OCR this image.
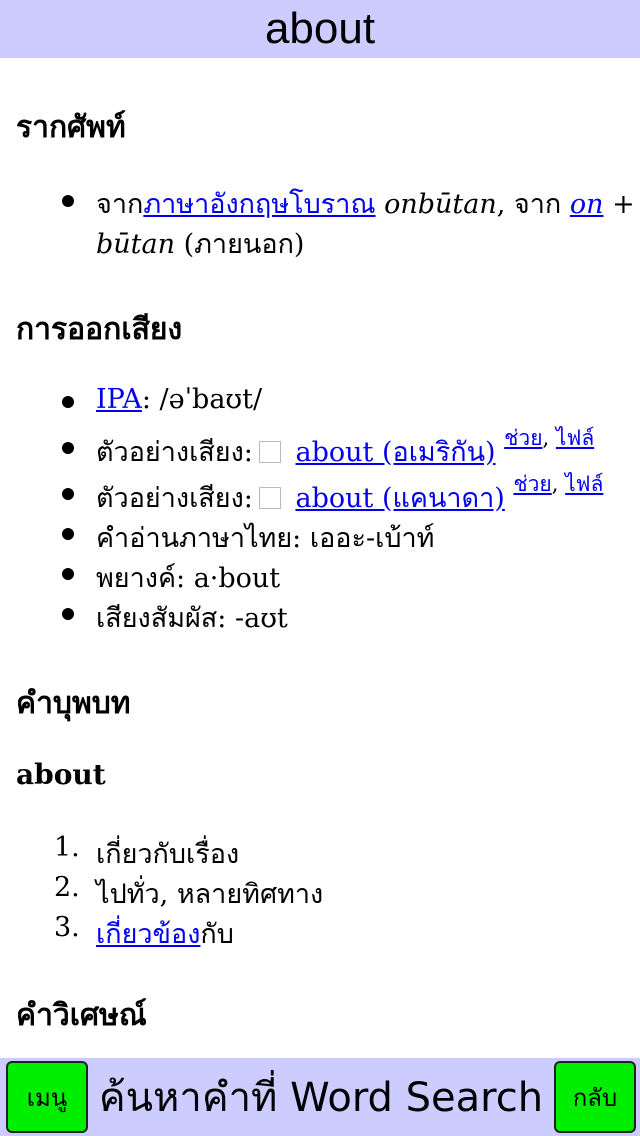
about
รากศัพท์
จากภาษาอังกฤษโบราณ onbūtan, จาก on +
būtan (ภายนอก)
การออกเสียง
IPA: /əˈbaʊt/
ตัวอย่างเสียง: about (อเมริกัน) $^{ช่วย, ไฟล์}$
ตัวอย่างเสียง: about (แคนาดา) $^{ช่วย, ไฟล์}$
คำอ่านภาษาไทย: เออะ-เบ้าท์
พยางค์: a·bout
เสียงสัมผัส: -aʊt
คำบุพบท
about
1. เกี่ยวกับเรื่อง
2. ไปทั่ว, หลายทิศทาง
3. เกี่ยวข้องกับ
คำวิเศษณ์
เมนู ค้นหาคำที่ Word Search	กลับ
